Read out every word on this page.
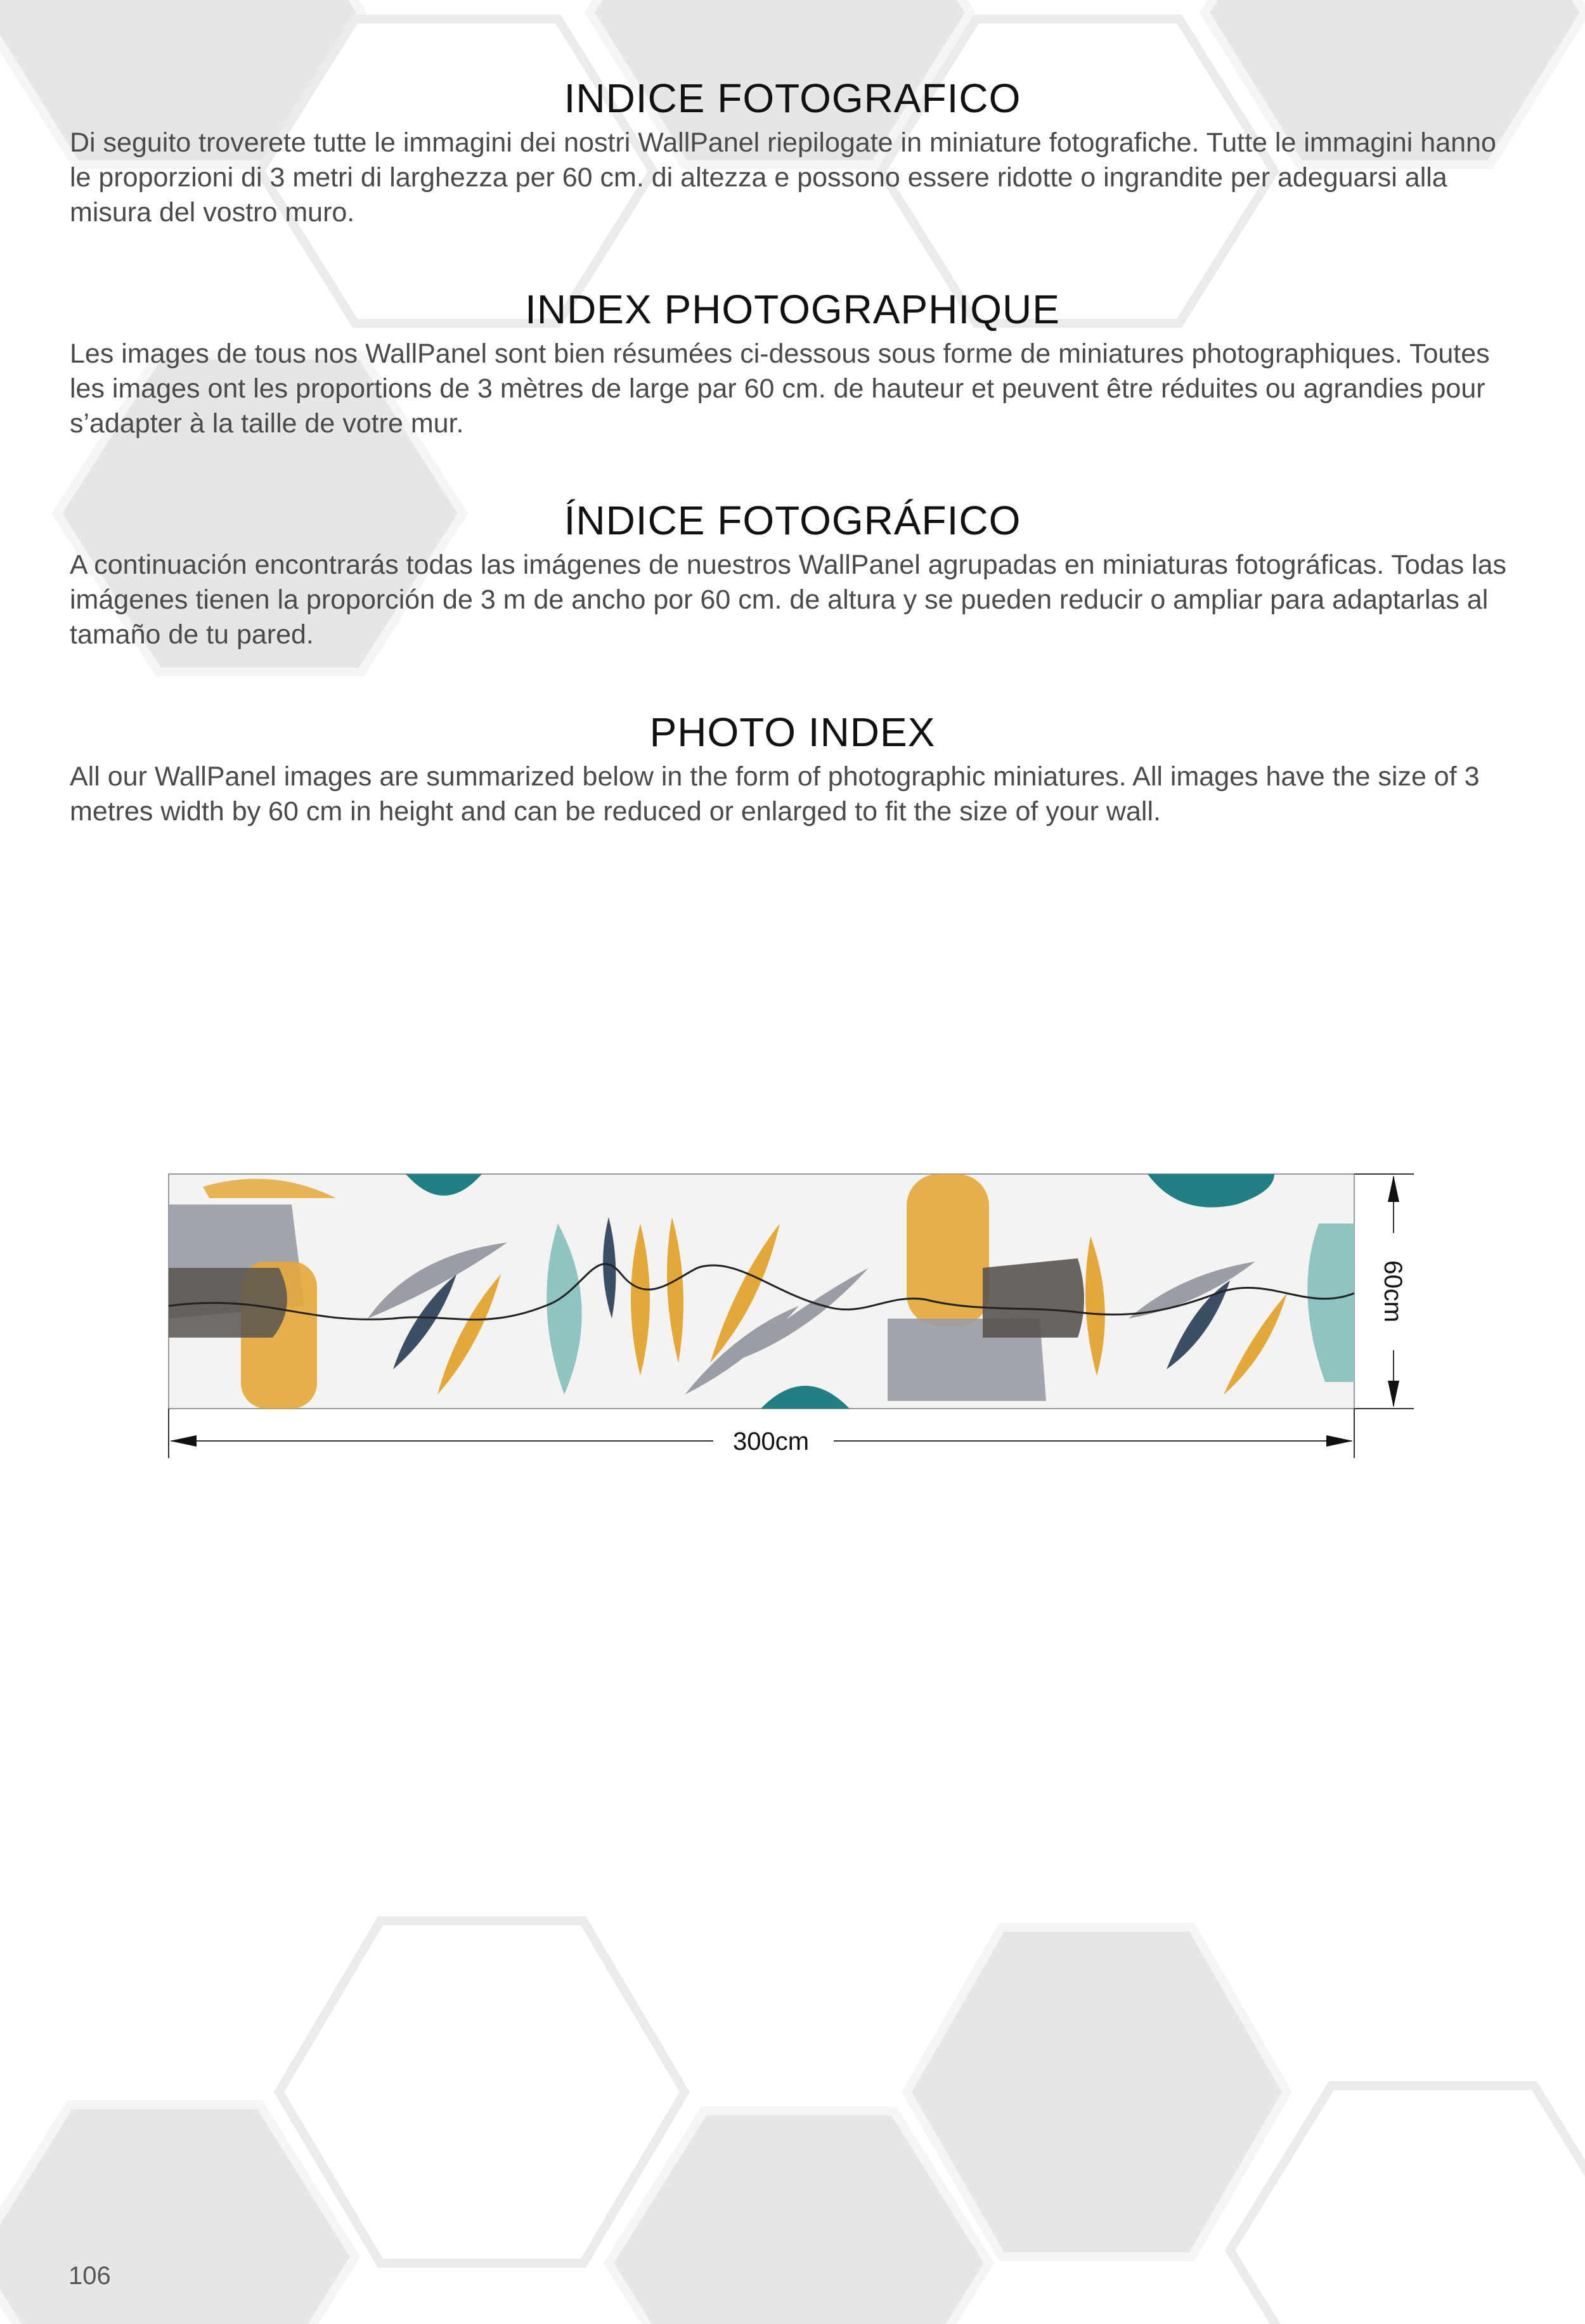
INDICE FOTOGRAFICO

Di seguito troverete tutte le immagini dei nostri WallPanel riepilogate in miniature fotografiche. Tutte le immagini hanno le proporzioni di 3 metri di larghezza per 60 cm. di altezza e possono essere ridotte o ingrandite per adeguarsi alla misura del vostro muro.

INDEX PHOTOGRAPHIQUE

Les images de tous nos WallPanel sont bien résumées ci-dessous sous forme de miniatures photographiques. Toutes les images ont les proportions de 3 mètres de large par 60 cm. de hauteur et peuvent être réduites ou agrandies pour s’adapter à la taille de votre mur.

ÍNDICE FOTOGRÁFICO

A continuación encontrarás todas las imágenes de nuestros WallPanel agrupadas en miniaturas fotográficas. Todas las imágenes tienen la proporción de 3 m de ancho por 60 cm. de altura y se pueden reducir o ampliar para adaptarlas al tamaño de tu pared.

PHOTO INDEX

All our WallPanel images are summarized below in the form of photographic miniatures. All images have the size of 3 metres width by 60 cm in height and can be reduced or enlarged to fit the size of your wall.

300cm
60cm
106
